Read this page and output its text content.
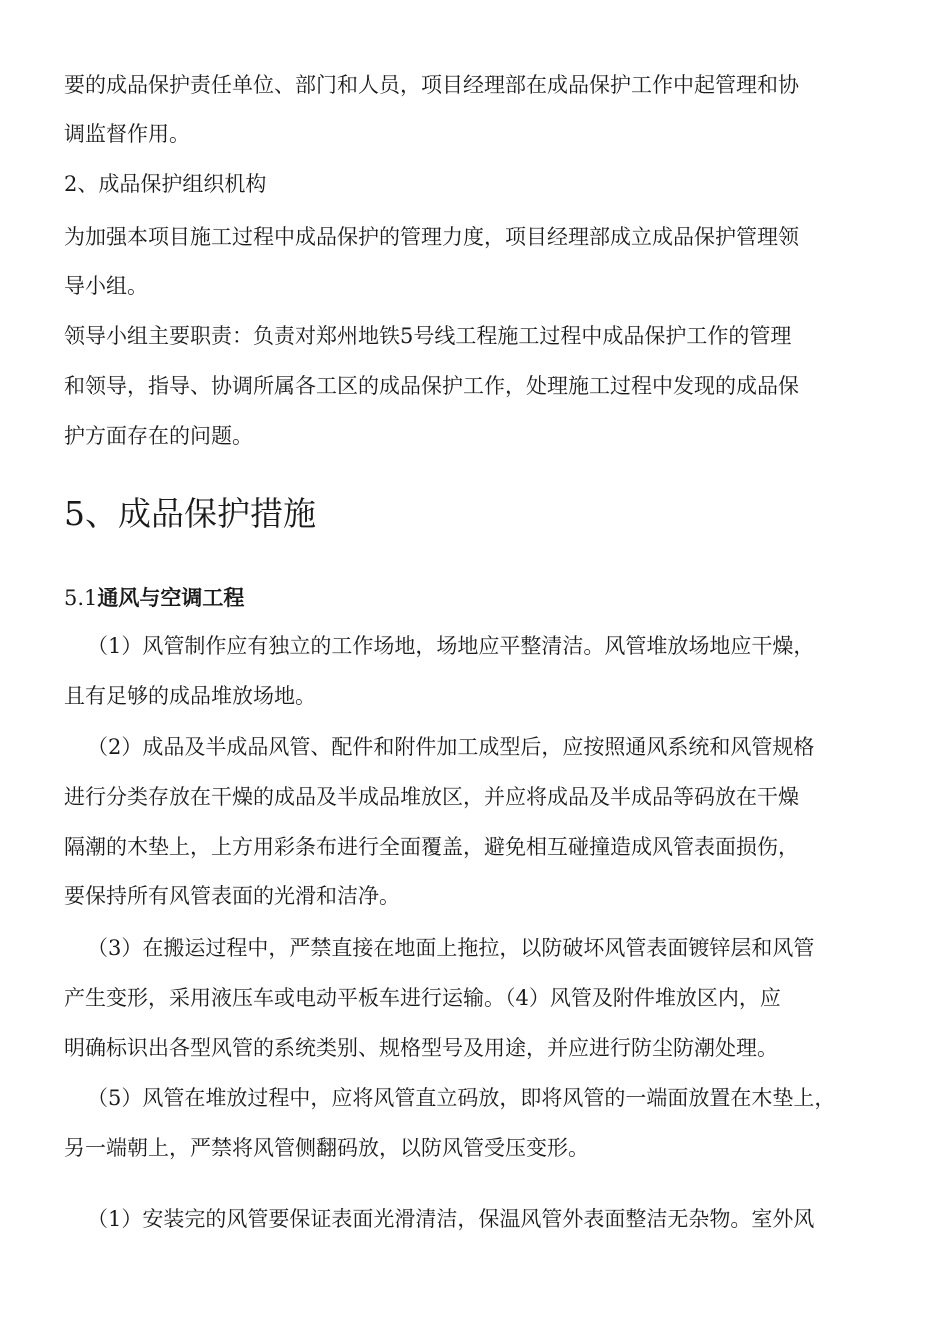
要的成品保护责任单位、部门和人员，项目经理部在成品保护工作中起管理和协
调监督作用。
2、成品保护组织机构
为加强本项目施工过程中成品保护的管理力度，项目经理部成立成品保护管理领
导小组。
领导小组主要职责：负责对郑州地铁5号线工程施工过程中成品保护工作的管理
和领导，指导、协调所属各工区的成品保护工作，处理施工过程中发现的成品保
护方面存在的问题。
5、成品保护措施
5.1通风与空调工程
（1）风管制作应有独立的工作场地，场地应平整清洁。风管堆放场地应干燥，
且有足够的成品堆放场地。
（2）成品及半成品风管、配件和附件加工成型后，应按照通风系统和风管规格
进行分类存放在干燥的成品及半成品堆放区，并应将成品及半成品等码放在干燥
隔潮的木垫上，上方用彩条布进行全面覆盖，避免相互碰撞造成风管表面损伤，
要保持所有风管表面的光滑和洁净。
（3）在搬运过程中，严禁直接在地面上拖拉，以防破坏风管表面镀锌层和风管
产生变形，采用液压车或电动平板车进行运输。（4）风管及附件堆放区内，应
明确标识出各型风管的系统类别、规格型号及用途，并应进行防尘防潮处理。
（5）风管在堆放过程中，应将风管直立码放，即将风管的一端面放置在木垫上，
另一端朝上，严禁将风管侧翻码放，以防风管受压变形。
（1）安装完的风管要保证表面光滑清洁，保温风管外表面整洁无杂物。室外风
